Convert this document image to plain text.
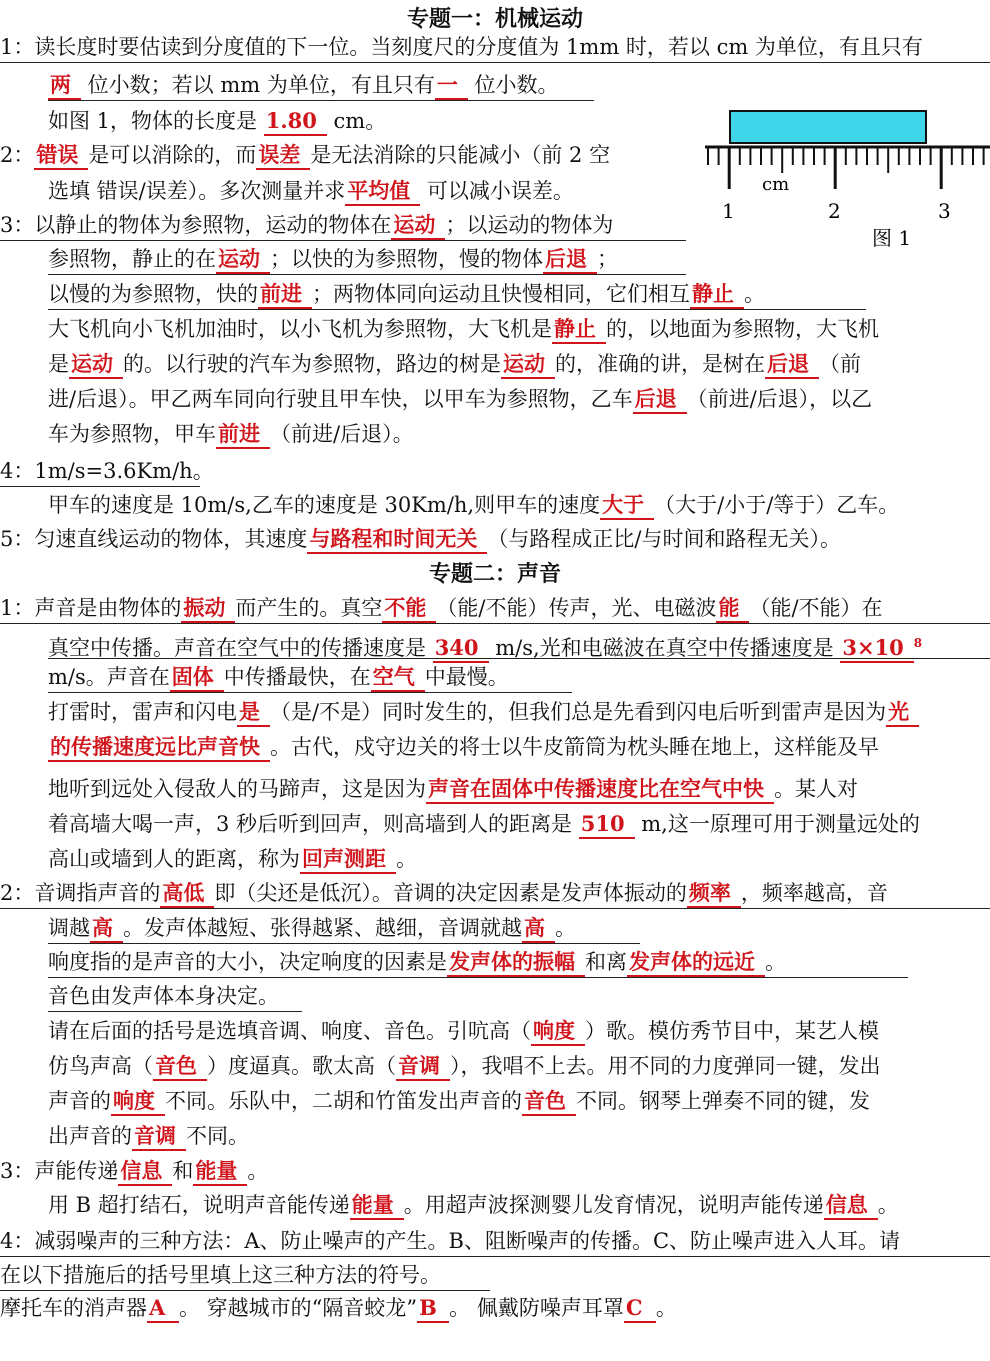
专题一：机械运动
专题二：声音
1：读长度时要估读到分度值的下一位。当刻度尺的分度值为 1mm 时，若以 cm 为单位，有且只有
两 位小数；若以 mm 为单位，有且只有一 位小数。
如图 1，物体的长度是 1.80 cm。
2：错误 是可以消除的，而误差 是无法消除的只能减小（前 2 空
选填 错误/误差）。多次测量并求平均值 可以减小误差。
3：以静止的物体为参照物，运动的物体在运动 ；以运动的物体为
参照物，静止的在运动 ；以快的为参照物，慢的物体后退 ；
以慢的为参照物，快的前进 ；两物体同向运动且快慢相同，它们相互静止 。
大飞机向小飞机加油时，以小飞机为参照物，大飞机是静止 的，以地面为参照物，大飞机
是运动 的。以行驶的汽车为参照物，路边的树是运动 的，准确的讲，是树在后退 （前
进/后退）。甲乙两车同向行驶且甲车快，以甲车为参照物，乙车后退 （前进/后退），以乙
车为参照物，甲车前进 （前进/后退）。
4：1m/s=3.6Km/h。
甲车的速度是 10m/s,乙车的速度是 30Km/h,则甲车的速度大于 （大于/小于/等于）乙车。
5：匀速直线运动的物体，其速度与路程和时间无关 （与路程成正比/与时间和路程无关）。
1：声音是由物体的振动 而产生的。真空不能 （能/不能）传声，光、电磁波能 （能/不能）在
真空中传播。声音在空气中的传播速度是 340 m/s,光和电磁波在真空中传播速度是 3×10 $^8$
m/s。声音在固体 中传播最快，在空气 中最慢。
打雷时，雷声和闪电是 （是/不是）同时发生的，但我们总是先看到闪电后听到雷声是因为光
的传播速度远比声音快 。古代，戍守边关的将士以牛皮箭筒为枕头睡在地上，这样能及早
地听到远处入侵敌人的马蹄声，这是因为声音在固体中传播速度比在空气中快 。某人对
着高墙大喝一声，3 秒后听到回声，则高墙到人的距离是 510 m,这一原理可用于测量远处的
高山或墙到人的距离，称为回声测距 。
2：音调指声音的高低 即（尖还是低沉）。音调的决定因素是发声体振动的频率 ，频率越高，音
调越高 。发声体越短、张得越紧、越细，音调就越高 。
响度指的是声音的大小，决定响度的因素是发声体的振幅 和离发声体的远近 。
音色由发声体本身决定。
请在后面的括号是选填音调、响度、音色。引吭高（响度 ）歌。模仿秀节目中，某艺人模
仿鸟声高（音色 ）度逼真。歌太高（音调 ），我唱不上去。用不同的力度弹同一键，发出
声音的响度 不同。乐队中，二胡和竹笛发出声音的音色 不同。钢琴上弹奏不同的键，发
出声音的音调 不同。
3：声能传递信息 和能量 。
用 B 超打结石，说明声音能传递能量 。用超声波探测婴儿发育情况，说明声能传递信息 。
4：减弱噪声的三种方法：A、防止噪声的产生。B、阻断噪声的传播。C、防止噪声进入人耳。请
在以下措施后的括号里填上这三种方法的符号。
摩托车的消声器A 。 穿越城市的“隔音蛟龙”B 。 佩戴防噪声耳罩C 。
cm
1	2	3
图 1
